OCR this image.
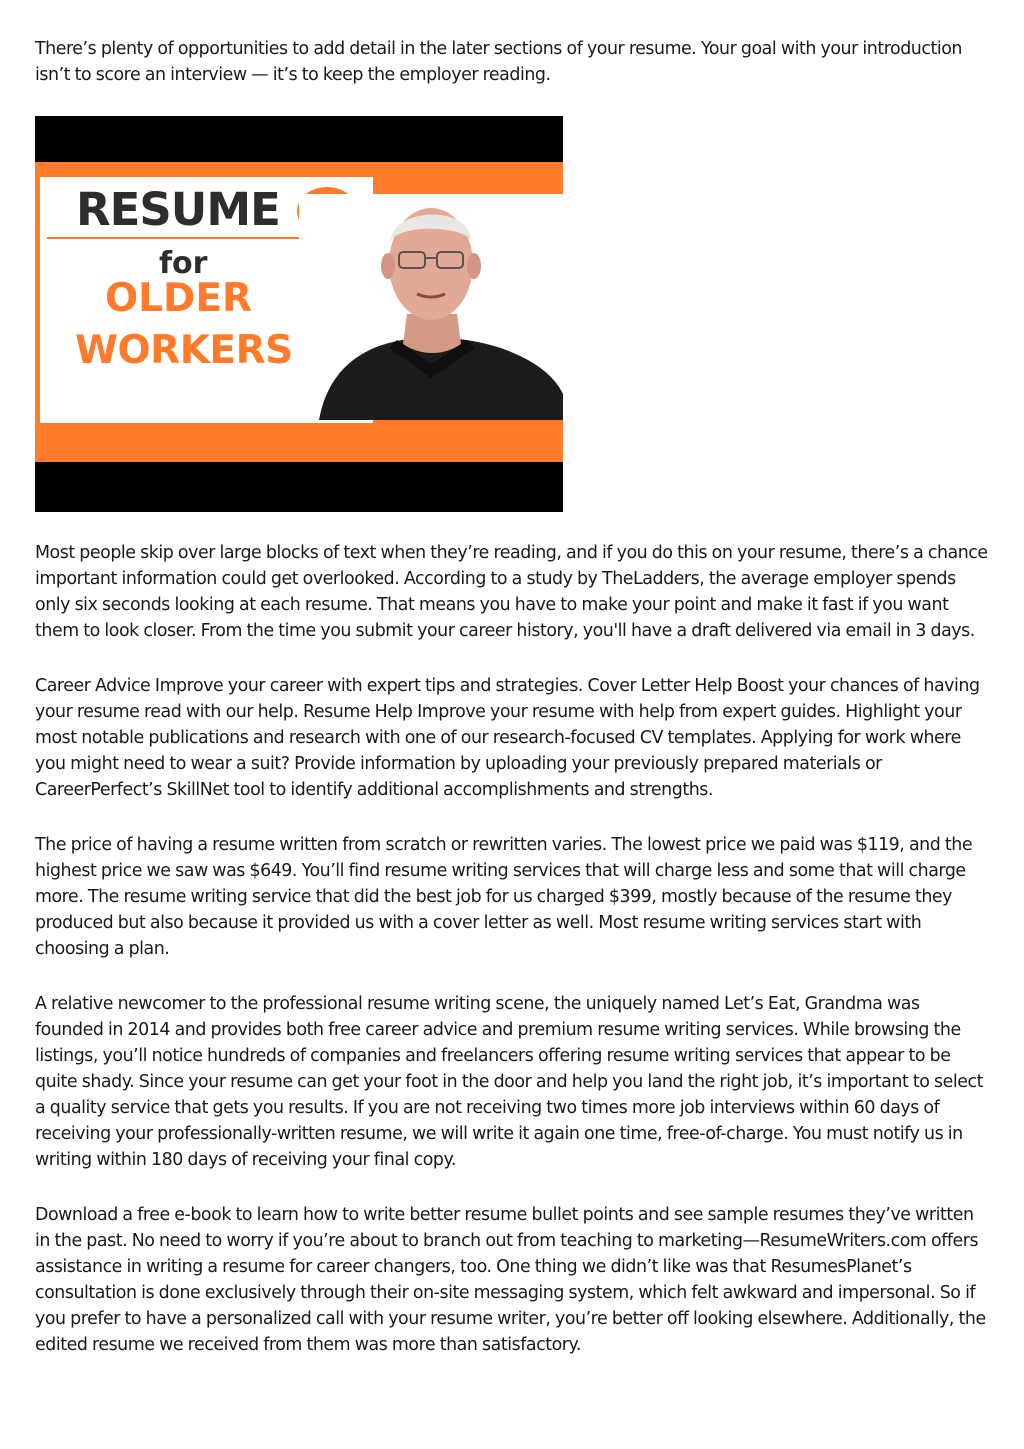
There’s plenty of opportunities to add detail in the later sections of your resume. Your goal with your introduction isn’t to score an interview — it’s to keep the employer reading.

RESUME
for
OLDER
WORKERS

Most people skip over large blocks of text when they’re reading, and if you do this on your resume, there’s a chance important information could get overlooked. According to a study by TheLadders, the average employer spends only six seconds looking at each resume. That means you have to make your point and make it fast if you want them to look closer. From the time you submit your career history, you'll have a draft delivered via email in 3 days.

Career Advice Improve your career with expert tips and strategies. Cover Letter Help Boost your chances of having your resume read with our help. Resume Help Improve your resume with help from expert guides. Highlight your most notable publications and research with one of our research-focused CV templates. Applying for work where you might need to wear a suit? Provide information by uploading your previously prepared materials or CareerPerfect’s SkillNet tool to identify additional accomplishments and strengths.

The price of having a resume written from scratch or rewritten varies. The lowest price we paid was $119, and the highest price we saw was $649. You’ll find resume writing services that will charge less and some that will charge more. The resume writing service that did the best job for us charged $399, mostly because of the resume they produced but also because it provided us with a cover letter as well. Most resume writing services start with choosing a plan.

A relative newcomer to the professional resume writing scene, the uniquely named Let’s Eat, Grandma was founded in 2014 and provides both free career advice and premium resume writing services. While browsing the listings, you’ll notice hundreds of companies and freelancers offering resume writing services that appear to be quite shady. Since your resume can get your foot in the door and help you land the right job, it’s important to select a quality service that gets you results. If you are not receiving two times more job interviews within 60 days of receiving your professionally-written resume, we will write it again one time, free-of-charge. You must notify us in writing within 180 days of receiving your final copy.

Download a free e-book to learn how to write better resume bullet points and see sample resumes they’ve written in the past. No need to worry if you’re about to branch out from teaching to marketing—ResumeWriters.com offers assistance in writing a resume for career changers, too. One thing we didn’t like was that ResumesPlanet’s consultation is done exclusively through their on-site messaging system, which felt awkward and impersonal. So if you prefer to have a personalized call with your resume writer, you’re better off looking elsewhere. Additionally, the edited resume we received from them was more than satisfactory.
